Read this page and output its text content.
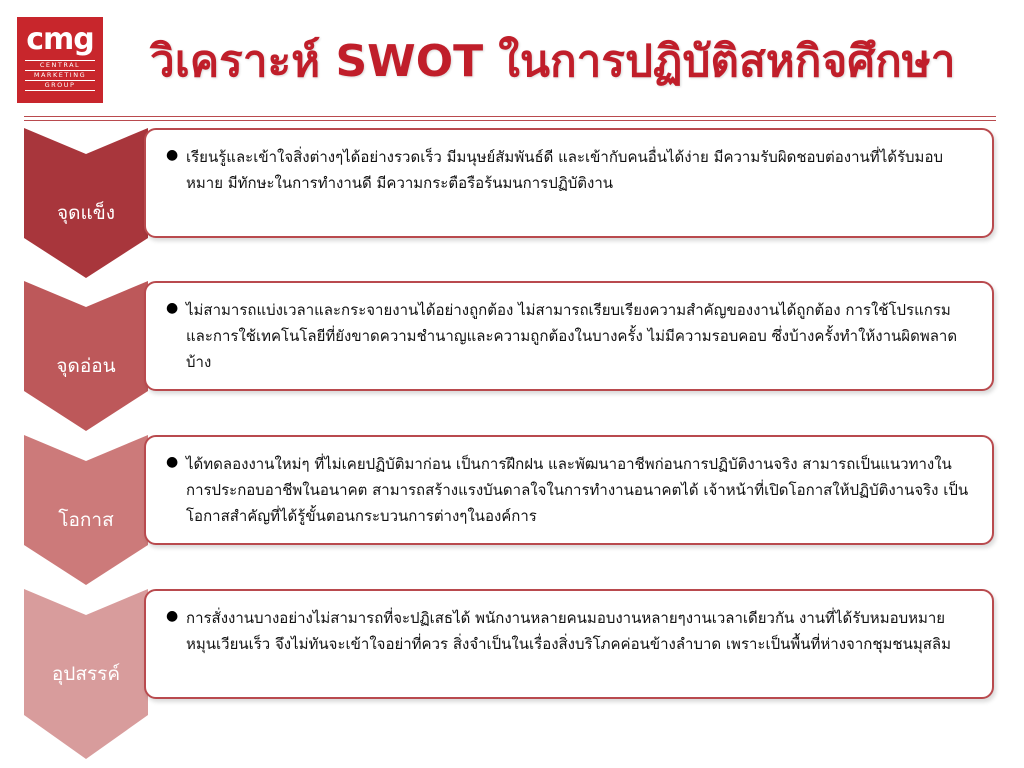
cmg
CENTRAL
MARKETING
GROUP	วิเคราะห์ SWOT ในการปฏิบัติสหกิจศึกษา
จุดแข็ง
● เรียนรู้และเข้าใจสิ่งต่างๆได้อย่างรวดเร็ว มีมนุษย์สัมพันธ์ดี และเข้ากับคนอื่นได้ง่าย มีความรับผิดชอบต่องานที่ได้รับมอบหมาย มีทักษะในการทำงานดี มีความกระตือรือร้นมนการปฏิบัติงาน
จุดอ่อน
● ไม่สามารถแบ่งเวลาและกระจายงานได้อย่างถูกต้อง ไม่สามารถเรียบเรียงความสำคัญของงานได้ถูกต้อง การใช้โปรแกรมและการใช้เทคโนโลยีที่ยังขาดความชำนาญและความถูกต้องในบางครั้ง ไม่มีความรอบคอบ ซึ่งบ้างครั้งทำให้งานผิดพลาดบ้าง
โอกาส
● ได้ทดลองงานใหม่ๆ ที่ไม่เคยปฏิบัติมาก่อน เป็นการฝึกฝน และพัฒนาอาชีพก่อนการปฏิบัติงานจริง สามารถเป็นแนวทางในการประกอบอาชีพในอนาคต สามารถสร้างแรงบันดาลใจในการทำงานอนาคตได้ เจ้าหน้าที่เปิดโอกาสให้ปฏิบัติงานจริง เป็นโอกาสสำคัญที่ได้รู้ขั้นตอนกระบวนการต่างๆในองค์การ
อุปสรรค์
● การสั่งงานบางอย่างไม่สามารถที่จะปฏิเสธได้ พนักงานหลายคนมอบงานหลายๆงานเวลาเดียวกัน งานที่ได้รับหมอบหมายหมุนเวียนเร็ว จึงไม่ทันจะเข้าใจอย่าที่ควร สิ่งจำเป็นในเรื่องสิ่งบริโภคค่อนข้างลำบาด เพราะเป็นพื้นที่ห่างจากชุมชนมุสลิม
